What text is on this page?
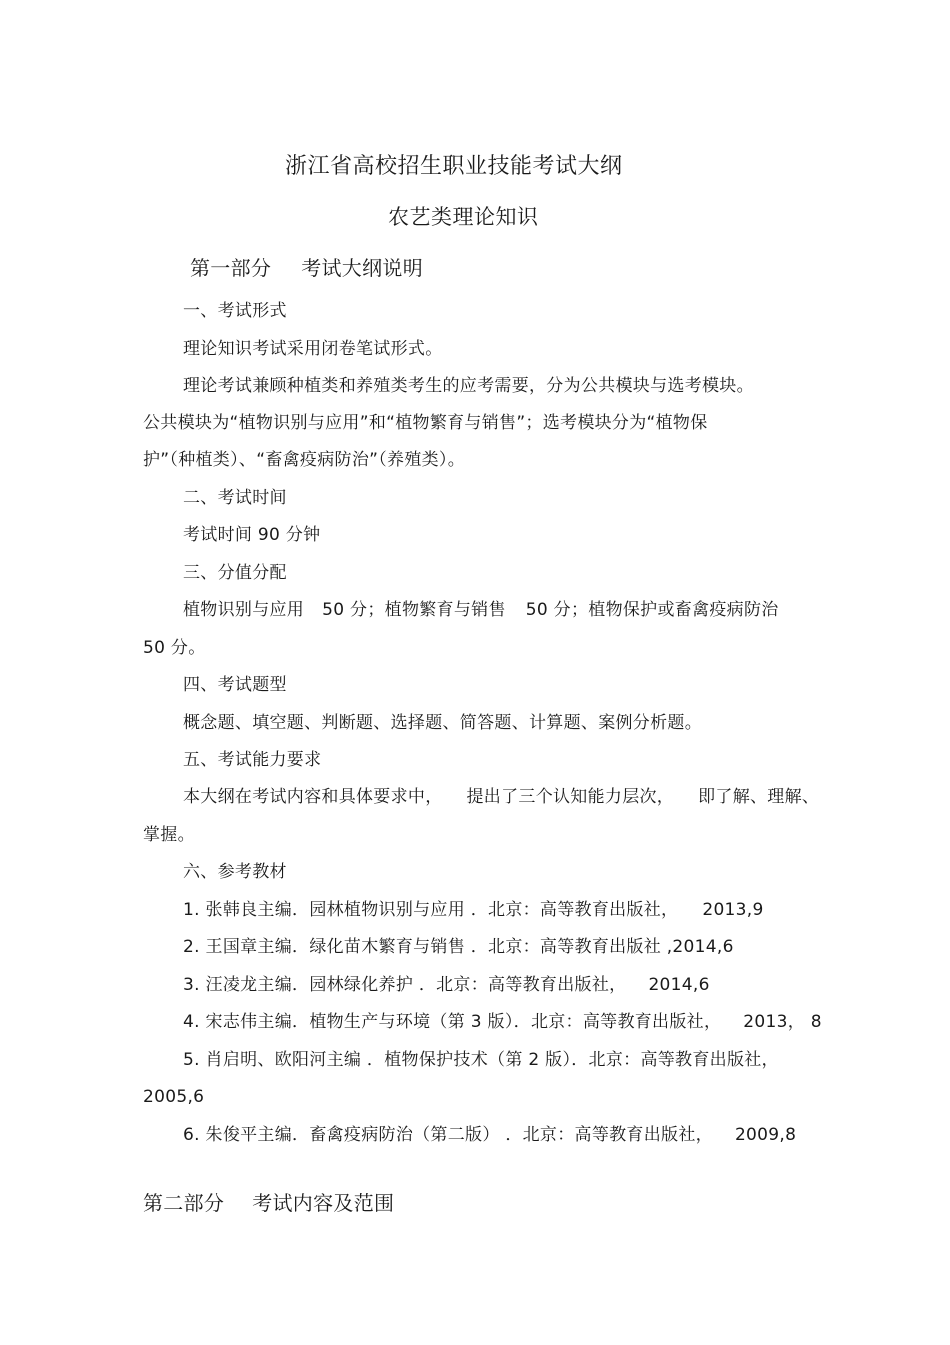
浙江省高校招生职业技能考试大纲
农艺类理论知识
第一部分 考试大纲说明
一、考试形式
理论知识考试采用闭卷笔试形式。
理论考试兼顾种植类和养殖类考生的应考需要，分为公共模块与选考模块。
公共模块为“植物识别与应用”和“植物繁育与销售”；选考模块分为“植物保
护”（种植类）、“畜禽疫病防治”（养殖类）。
二、考试时间
考试时间 90 分钟
三、分值分配
植物识别与应用 50 分；植物繁育与销售 50 分；植物保护或畜禽疫病防治
50 分。
四、考试题型
概念题、填空题、判断题、选择题、简答题、计算题、案例分析题。
五、考试能力要求
本大纲在考试内容和具体要求中， 提出了三个认知能力层次， 即了解、理解、
掌握。
六、参考教材
1. 张韩良主编．园林植物识别与应用 ．北京：高等教育出版社， 2013,9
2. 王国章主编．绿化苗木繁育与销售 ．北京：高等教育出版社 ,2014,6
3. 汪凌龙主编．园林绿化养护 ．北京：高等教育出版社， 2014,6
4. 宋志伟主编．植物生产与环境（第 3 版）．北京：高等教育出版社， 2013， 8
5. 肖启明、欧阳河主编 ．植物保护技术（第 2 版）．北京：高等教育出版社，
2005,6
6. 朱俊平主编．畜禽疫病防治（第二版） ．北京：高等教育出版社， 2009,8
第二部分 考试内容及范围
